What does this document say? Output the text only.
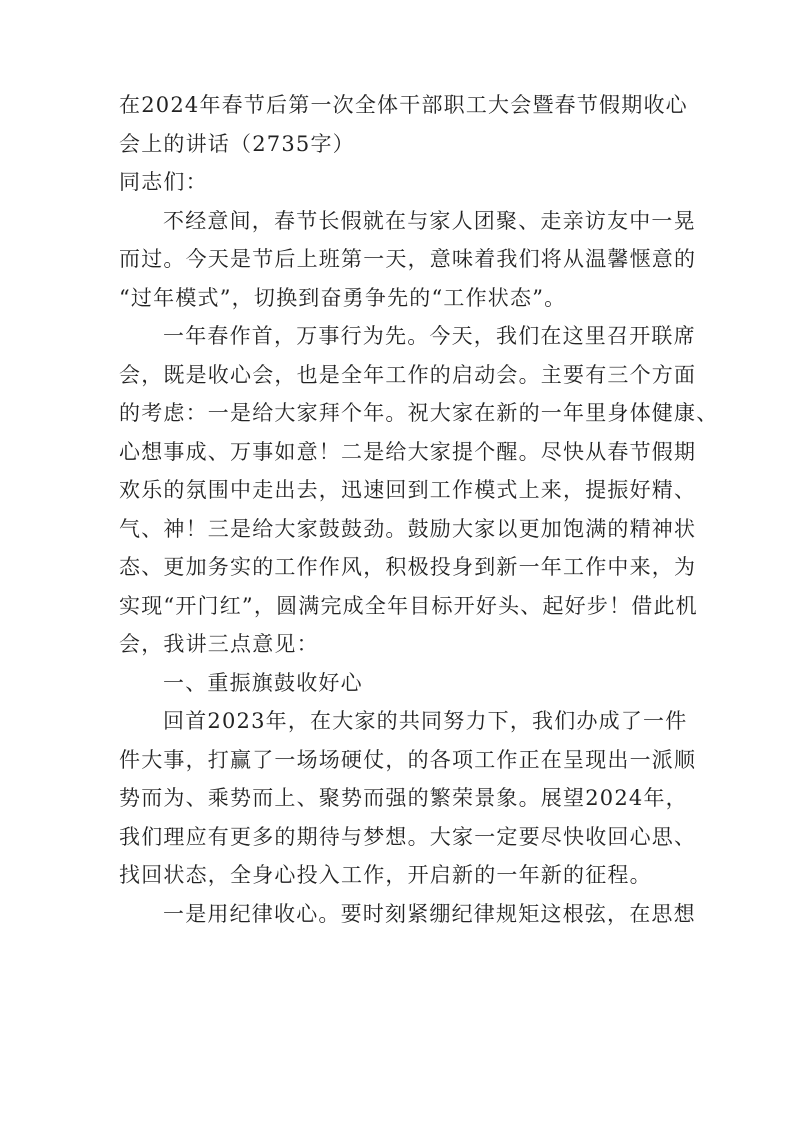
在2024年春节后第一次全体干部职工大会暨春节假期收心
会上的讲话（2735字）
同志们：
不经意间，春节长假就在与家人团聚、走亲访友中一晃
而过。今天是节后上班第一天，意味着我们将从温馨惬意的
“过年模式”，切换到奋勇争先的“工作状态”。
一年春作首，万事行为先。今天，我们在这里召开联席
会，既是收心会，也是全年工作的启动会。主要有三个方面
的考虑：一是给大家拜个年。祝大家在新的一年里身体健康、
心想事成、万事如意！二是给大家提个醒。尽快从春节假期
欢乐的氛围中走出去，迅速回到工作模式上来，提振好精、
气、神！三是给大家鼓鼓劲。鼓励大家以更加饱满的精神状
态、更加务实的工作作风，积极投身到新一年工作中来，为
实现“开门红”，圆满完成全年目标开好头、起好步！借此机
会，我讲三点意见：
一、重振旗鼓收好心
回首2023年，在大家的共同努力下，我们办成了一件
件大事，打赢了一场场硬仗，的各项工作正在呈现出一派顺
势而为、乘势而上、聚势而强的繁荣景象。展望2024年，
我们理应有更多的期待与梦想。大家一定要尽快收回心思、
找回状态，全身心投入工作，开启新的一年新的征程。
一是用纪律收心。要时刻紧绷纪律规矩这根弦，在思想
